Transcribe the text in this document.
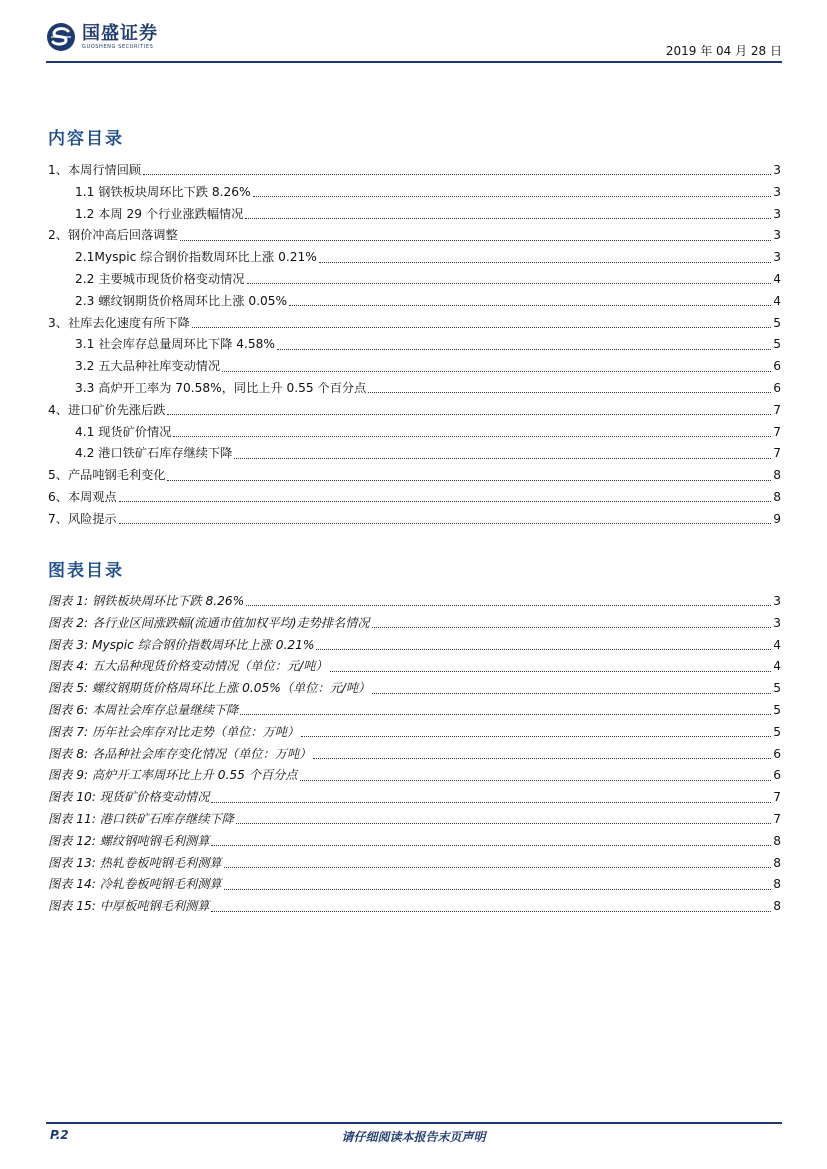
国盛证券
GUOSHENG SECURITIES	2019 年 04 月 28 日
内容目录
1、本周行情回顾	3
1.1 钢铁板块周环比下跌 8.26%	3
1.2 本周 29 个行业涨跌幅情况	3
2、钢价冲高后回落调整	3
2.1Myspic 综合钢价指数周环比上涨 0.21%	3
2.2 主要城市现货价格变动情况	4
2.3 螺纹钢期货价格周环比上涨 0.05%	4
3、社库去化速度有所下降	5
3.1 社会库存总量周环比下降 4.58%	5
3.2 五大品种社库变动情况	6
3.3 高炉开工率为 70.58%，同比上升 0.55 个百分点	6
4、进口矿价先涨后跌	7
4.1 现货矿价情况	7
4.2 港口铁矿石库存继续下降	7
5、产品吨钢毛利变化	8
6、本周观点	8
7、风险提示	9
图表目录
图表 1: 钢铁板块周环比下跌 8.26%	3
图表 2: 各行业区间涨跌幅(流通市值加权平均)走势排名情况	3
图表 3: Myspic 综合钢价指数周环比上涨 0.21%	4
图表 4: 五大品种现货价格变动情况（单位：元/吨）	4
图表 5: 螺纹钢期货价格周环比上涨 0.05%（单位：元/吨）	5
图表 6: 本周社会库存总量继续下降	5
图表 7: 历年社会库存对比走势（单位：万吨）	5
图表 8: 各品种社会库存变化情况（单位：万吨）	6
图表 9: 高炉开工率周环比上升 0.55 个百分点	6
图表 10: 现货矿价格变动情况	7
图表 11: 港口铁矿石库存继续下降	7
图表 12: 螺纹钢吨钢毛利测算	8
图表 13: 热轧卷板吨钢毛利测算	8
图表 14: 冷轧卷板吨钢毛利测算	8
图表 15: 中厚板吨钢毛利测算	8
请仔细阅读本报告末页声明
P.2
